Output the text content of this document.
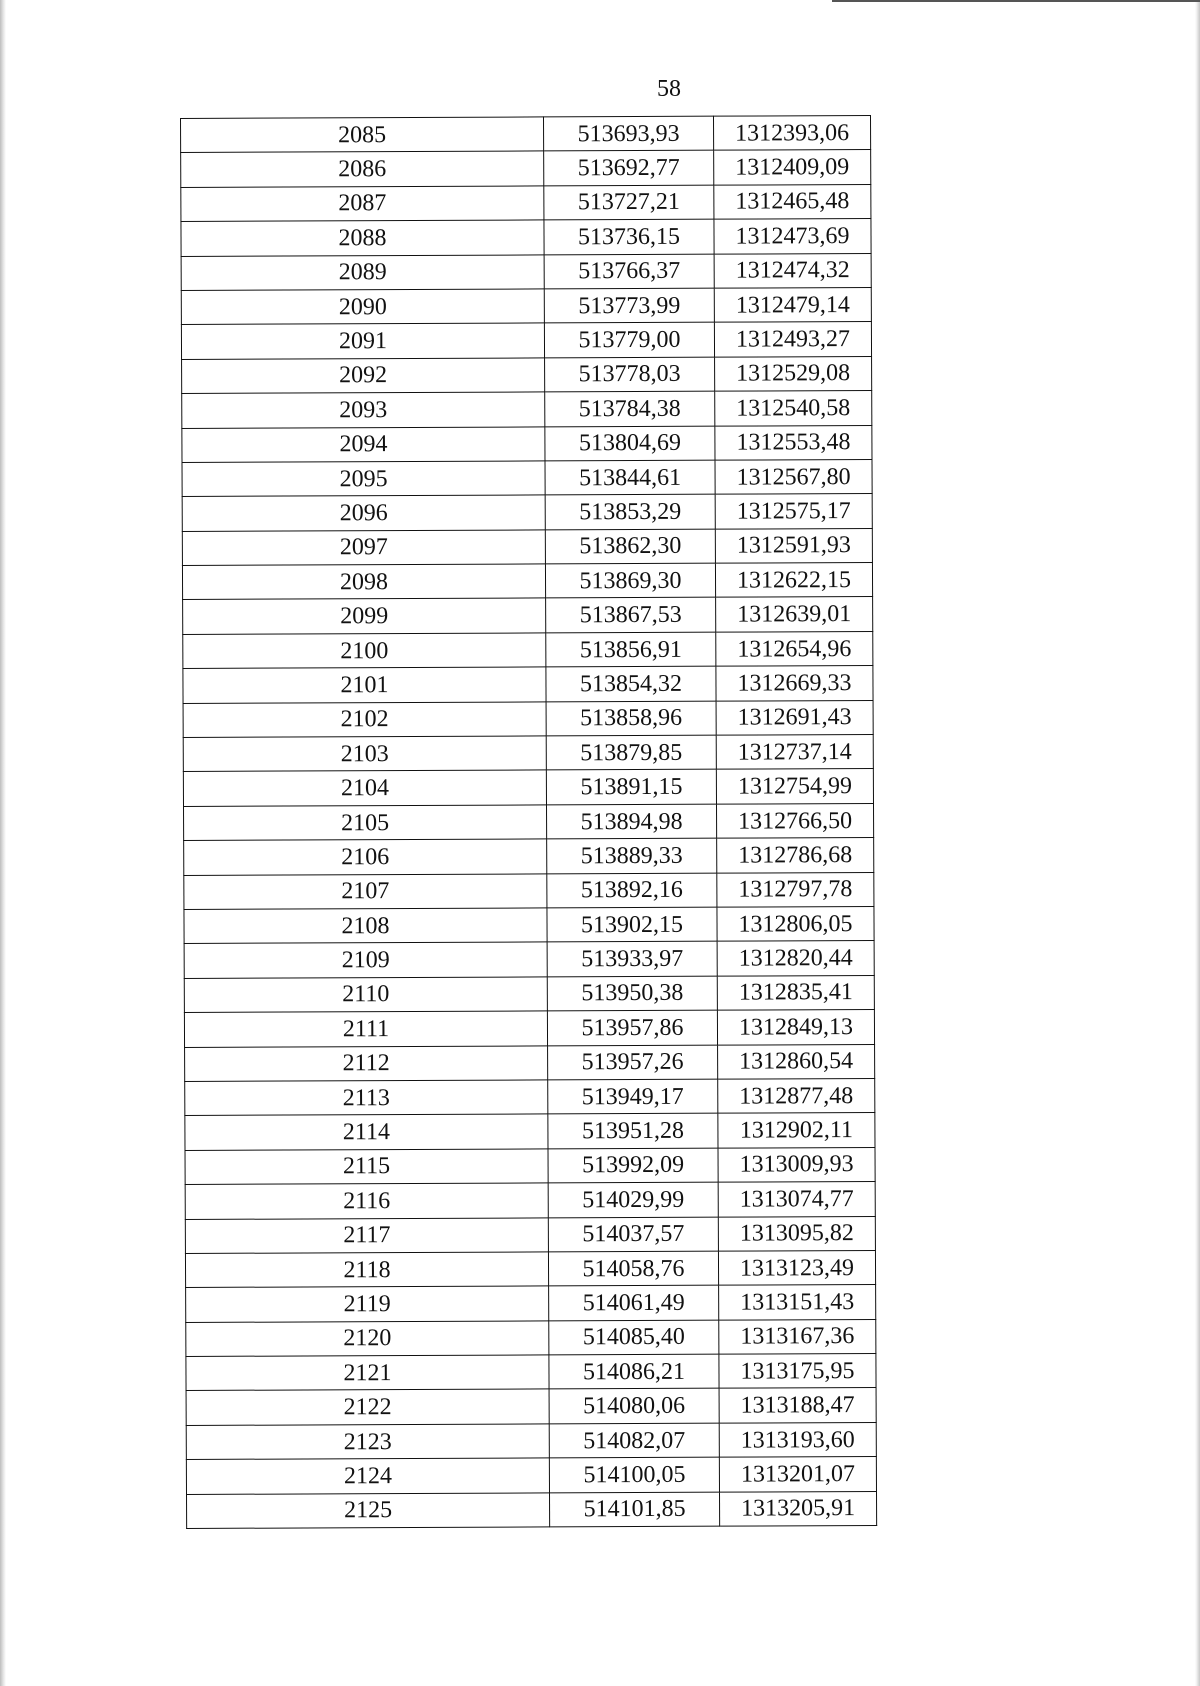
58
2085	513693,93	1312393,06
2086	513692,77	1312409,09
2087	513727,21	1312465,48
2088	513736,15	1312473,69
2089	513766,37	1312474,32
2090	513773,99	1312479,14
2091	513779,00	1312493,27
2092	513778,03	1312529,08
2093	513784,38	1312540,58
2094	513804,69	1312553,48
2095	513844,61	1312567,80
2096	513853,29	1312575,17
2097	513862,30	1312591,93
2098	513869,30	1312622,15
2099	513867,53	1312639,01
2100	513856,91	1312654,96
2101	513854,32	1312669,33
2102	513858,96	1312691,43
2103	513879,85	1312737,14
2104	513891,15	1312754,99
2105	513894,98	1312766,50
2106	513889,33	1312786,68
2107	513892,16	1312797,78
2108	513902,15	1312806,05
2109	513933,97	1312820,44
2110	513950,38	1312835,41
2111	513957,86	1312849,13
2112	513957,26	1312860,54
2113	513949,17	1312877,48
2114	513951,28	1312902,11
2115	513992,09	1313009,93
2116	514029,99	1313074,77
2117	514037,57	1313095,82
2118	514058,76	1313123,49
2119	514061,49	1313151,43
2120	514085,40	1313167,36
2121	514086,21	1313175,95
2122	514080,06	1313188,47
2123	514082,07	1313193,60
2124	514100,05	1313201,07
2125	514101,85	1313205,91
